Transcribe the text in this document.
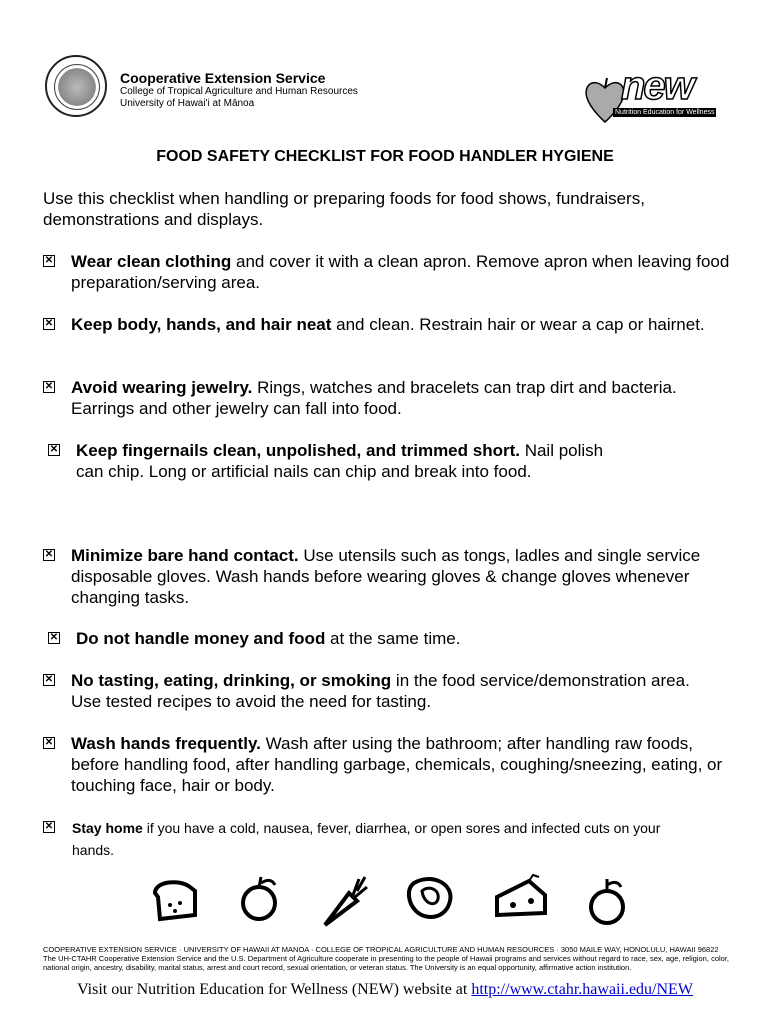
Cooperative Extension Service
College of Tropical Agriculture and Human Resources
University of Hawai'i at Mānoa	new
Nutrition Education for Wellness
FOOD SAFETY CHECKLIST FOR FOOD HANDLER HYGIENE
Use this checklist when handling or preparing foods for food shows, fundraisers, demonstrations and displays.
✕	Wear clean clothing and cover it with a clean apron. Remove apron when leaving food preparation/serving area.

✕	Keep body, hands, and hair neat and clean. Restrain hair or wear a cap or hairnet.

✕	Avoid wearing jewelry. Rings, watches and bracelets can trap dirt and bacteria. Earrings and other jewelry can fall into food.

✕	Keep fingernails clean, unpolished, and trimmed short. Nail polish can chip. Long or artificial nails can chip and break into food.

✕	Minimize bare hand contact. Use utensils such as tongs, ladles and single service disposable gloves. Wash hands before wearing gloves & change gloves whenever changing tasks.

✕	Do not handle money and food at the same time.

✕	No tasting, eating, drinking, or smoking in the food service/demonstration area. Use tested recipes to avoid the need for tasting.

✕	Wash hands frequently. Wash after using the bathroom; after handling raw foods, before handling food, after handling garbage, chemicals, coughing/sneezing, eating, or touching face, hair or body.

✕	Stay home if you have a cold, nausea, fever, diarrhea, or open sores and infected cuts on your hands.

COOPERATIVE EXTENSION SERVICE · UNIVERSITY OF HAWAII AT MANOA · COLLEGE OF TROPICAL AGRICULTURE AND HUMAN RESOURCES · 3050 MAILE WAY, HONOLULU, HAWAII 96822
The UH-CTAHR Cooperative Extension Service and the U.S. Department of Agriculture cooperate in presenting to the people of Hawaii programs and services without regard to race, sex, age, religion, color, national origin, ancestry, disability, marital status, arrest and court record, sexual orientation, or veteran status. The University is an equal opportunity, affirmative action institution.
Visit our Nutrition Education for Wellness (NEW) website at http://www.ctahr.hawaii.edu/NEW
